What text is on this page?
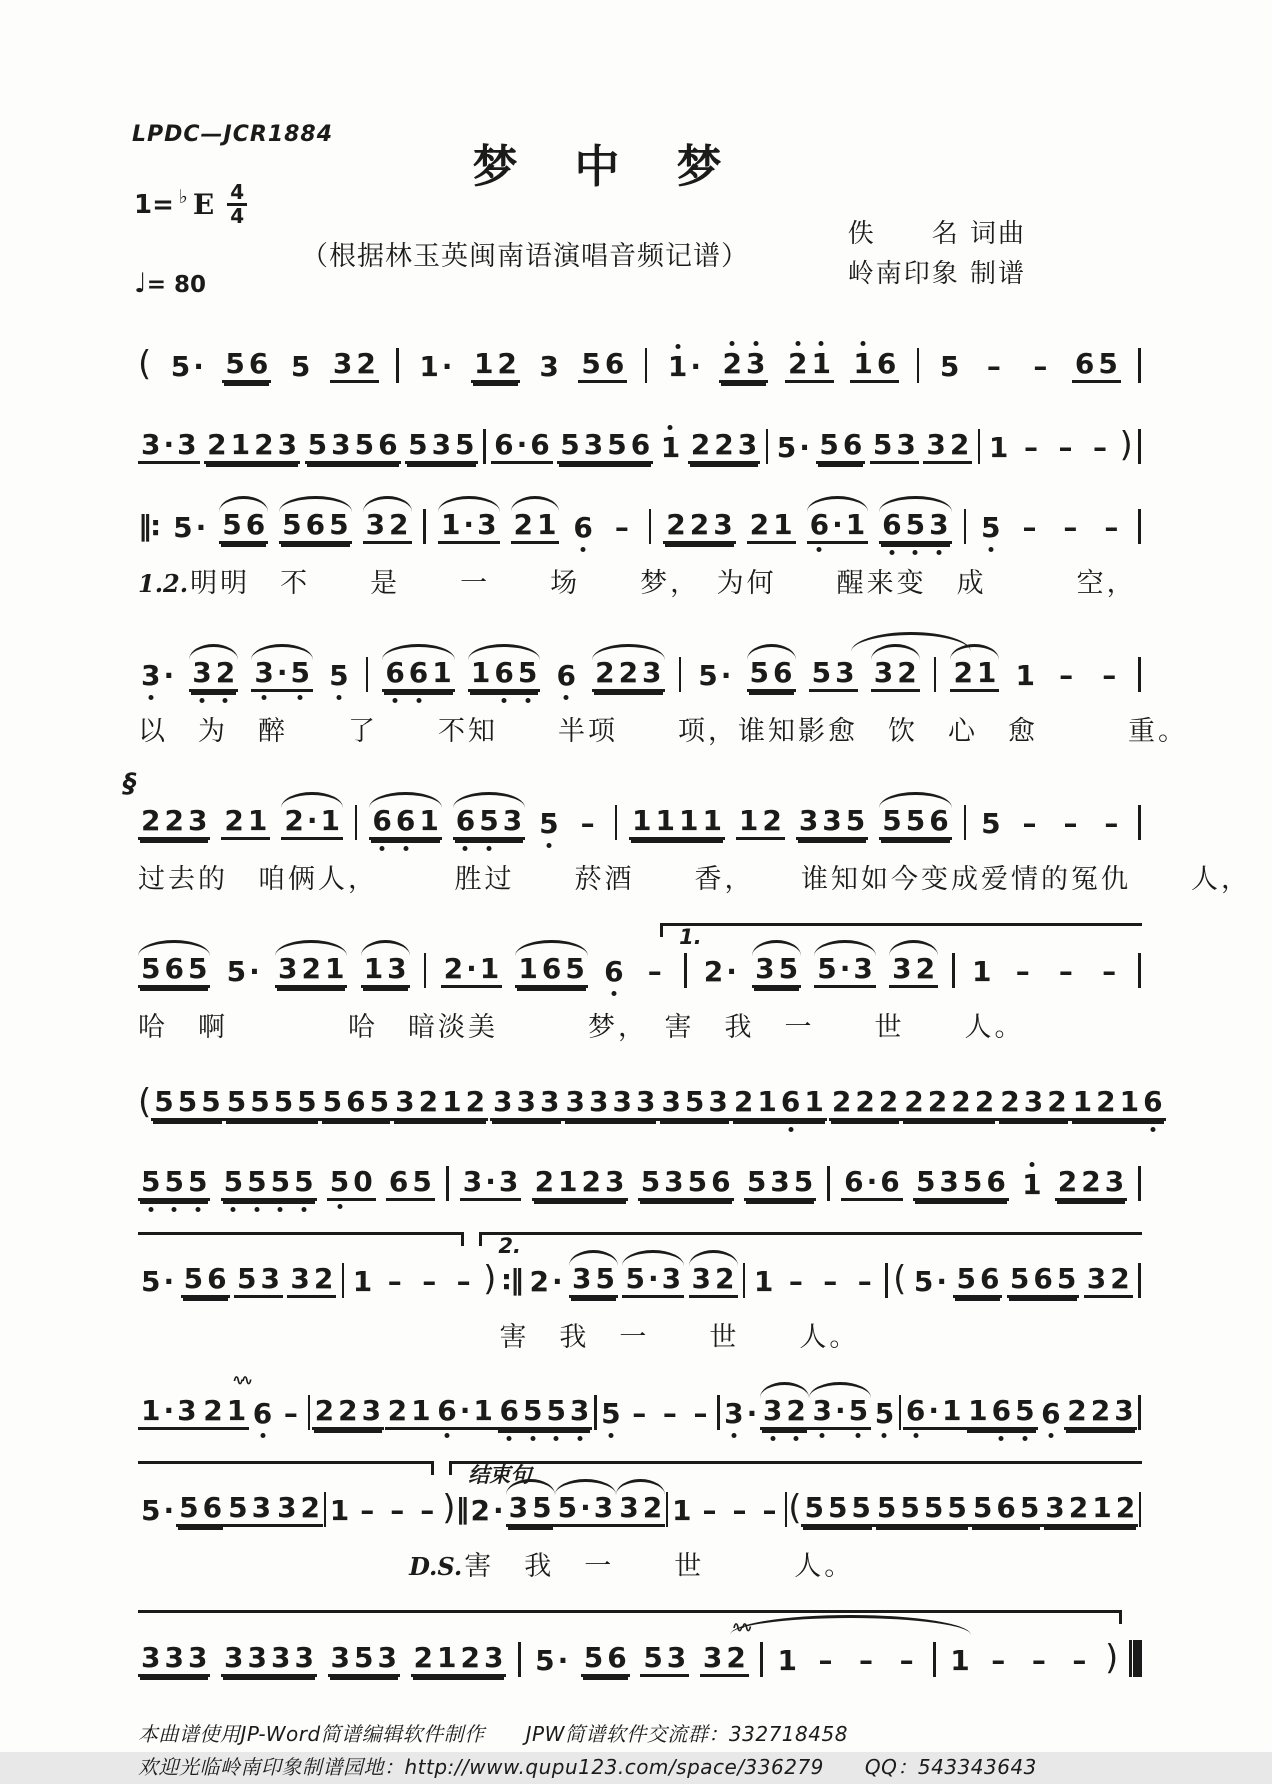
LPDC—JCR1884
梦　中　梦
1= ♭ E $\frac{4}{4}$
（根据林玉英闽南语演唱音频记谱）
佚　　名 词曲
岭南印象 制谱
♩= 80
( 5 · 5 6 5 3 2 1 · 1 2 3 5 6 1 · 2 3 2 1 1 6 5 – – 6 5
3 · 3 2 1 2 3 5 3 5 6 5 3 5 6 · 6 5 3 5 6 1 2 2 3 5 · 5 6 5 3 3 2 1 – – – )
‖: 5 · 5 6 5 6 5 3 2 1 · 3 2 1 6 – 2 2 3 2 1 6 · 1 6 5 3 5 – – –
1.2.明明　不　　是　　一　　场　　梦，　为何　　醒来变　成　　　空，
3 · 3 2 3 · 5 5 6 6 1 1 6 5 6 2 2 3 5 · 5 6 5 3 3 2 2 1 1 – –
以　为　醉　　了　　不知　　半项　　项，谁知影愈　饮　心　愈　　　重。
§
2 2 3 2 1 2 · 1 6 6 1 6 5 3 5 – 1 1 1 1 1 2 3 3 5 5 5 6 5 – – –
过去的　咱俩人，　　　胜过　　菸酒　　香，　　谁知如今变成爱情的冤仇　　人，
1.
5 6 5 5 · 3 2 1 1 3 2 · 1 1 6 5 6 – 2 · 3 5 5 · 3 3 2 1 – – –
哈　啊　　　　哈　暗淡美　　　梦，　害　我　一　　世　　人。
( 5 5 5 5 5 5 5 5 6 5 3 2 1 2 3 3 3 3 3 3 3 3 5 3 2 1 6 1 2 2 2 2 2 2 2 2 3 2 1 2 1 6
5 5 5 5 5 5 5 5 0 6 5 3 · 3 2 1 2 3 5 3 5 6 5 3 5 6 · 6 5 3 5 6 1 2 2 3
2.
5 · 5 6 5 3 3 2 1 – – – ) :‖ 2 · 3 5 5 · 3 3 2 1 – – – ( 5 · 5 6 5 6 5 3 2
害　我　一　　世　　人。
1 · 3 2 1
∿∿ 6 – 2 2 3 2 1 6 · 1 6 5 5 3 5 – – – 3 · 3 2 3 · 5 5 6 · 1 1 6 5 6 2 2 3
结束句
5 · 5 6 5 3 3 2 1 – – – ) ‖ 2 · 3 5 5 · 3 3 2 1 – – – ( 5 5 5 5 5 5 5 5 6 5 3 2 1 2
D.S.害　我　一　　世　　　人。
3 3 3 3 3 3 3 3 5 3 2 1 2 3 5 · 5 6 5 3 3 2
∿∿ 1 – – – 1 – – – )
本曲谱使用JP-Word简谱编辑软件制作　　JPW简谱软件交流群：332718458
欢迎光临岭南印象制谱园地：http://www.qupu123.com/space/336279　　QQ：543343643
